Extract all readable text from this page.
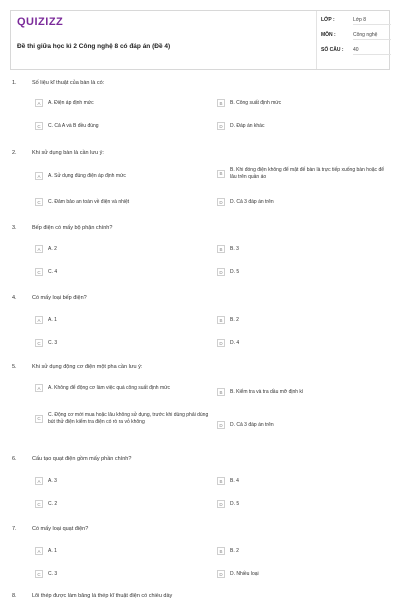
QUIZIZZ
Đề thi giữa học kì 2 Công nghệ 8 có đáp án (Đề 4)
LỚP :	Lớp 8
MÔN :	Công nghệ
SỐ CÂU :	40
1.	Số liệu kĩ thuật của bàn là có:
A	A. Điện áp định mức	B	B. Công suất định mức
C	C. Cả A và B đều đúng	D	D. Đáp án khác
2.	Khi sử dụng bàn là cần lưu ý:
A	A. Sử dụng đúng điện áp định mức	B
B. Khi đóng điện không để mặt đế bàn là trực tiếp xuống bàn hoặc để lâu trên quần áo
C	C. Đảm bảo an toàn về điện và nhiệt	D	D. Cả 3 đáp án trên
3.	Bếp điện có mấy bộ phận chính?
A	A. 2	B	B. 3
C	C. 4	D	D. 5
4.	Có mấy loại bếp điện?
A	A. 1	B	B. 2
C	C. 3	D	D. 4
5.	Khi sử dụng động cơ điện một pha cần lưu ý:
A	A. Không để động cơ làm việc quá công suất định mức
B	B. Kiểm tra và tra dầu mỡ định kì
C
C. Động cơ mới mua hoặc lâu không sử dụng, trước khi dùng phải dùng bút thử điện kiểm tra điện có rò ra vỏ không
D	D. Cả 3 đáp án trên
6.	Cấu tạo quạt điện gồm mấy phần chính?
A	A. 3	B	B. 4
C	C. 2	D	D. 5
7.	Có mấy loại quạt điện?
A	A. 1	B	B. 2
C	C. 3	D	D. Nhiều loại
8.	Lõi thép được làm bằng lá thép kĩ thuật điện có chiều dày
